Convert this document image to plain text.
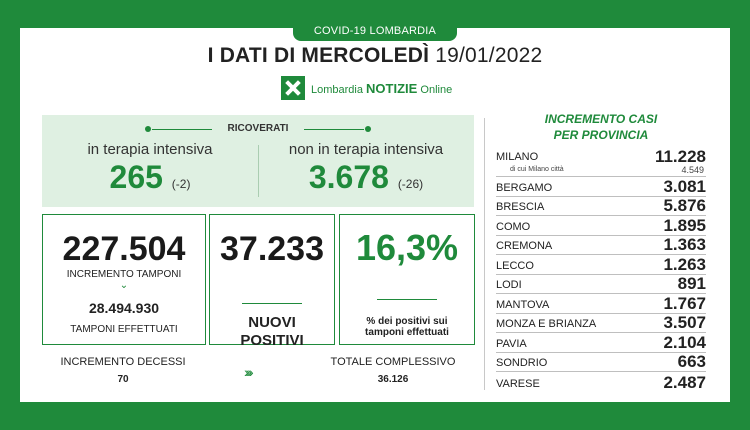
COVID-19 LOMBARDIA
I DATI DI MERCOLEDÌ 19/01/2022
Lombardia NOTIZIE Online
RICOVERATI
in terapia intensiva
265 (-2)
non in terapia intensiva
3.678 (-26)
227.504
INCREMENTO TAMPONI
⌄
28.494.930
TAMPONI EFFETTUATI
37.233
NUOVI
POSITIVI
16,3%
% dei positivi sui
tamponi effettuati
INCREMENTO DECESSI
70	››››
TOTALE COMPLESSIVO
36.126
INCREMENTO CASI
PER PROVINCIA
MILANO	11.228
di cui Milano città	4.549
BERGAMO	3.081
BRESCIA	5.876
COMO	1.895
CREMONA	1.363
LECCO	1.263
LODI	891
MANTOVA	1.767
MONZA E BRIANZA	3.507
PAVIA	2.104
SONDRIO	663
VARESE	2.487
